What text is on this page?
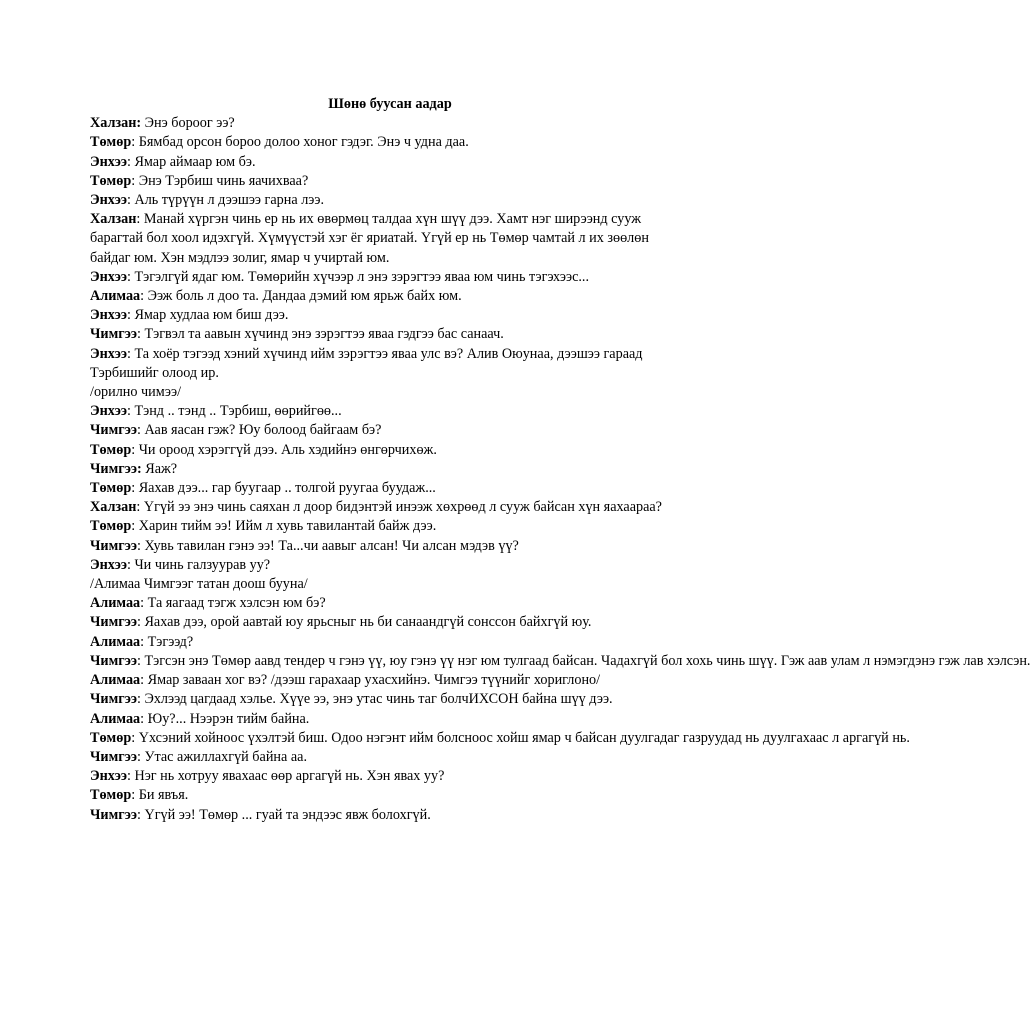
Шөнө буусан аадар

Халзан: Энэ бороог ээ?

Төмөр: Бямбад орсон бороо долоо хоног гэдэг. Энэ ч удна даа.

Энхээ: Ямар аймаар юм бэ.

Төмөр: Энэ Тэрбиш чинь яачихваа?

Энхээ: Аль түрүүн л дээшээ гарна лээ.

Халзан: Манай хүргэн чинь ер нь их өвөрмөц талдаа хүн шүү дээ. Хамт нэг ширээнд сууж барагтай бол хоол идэхгүй. Хүмүүстэй хэг ёг яриатай. Үгүй ер нь Төмөр чамтай л их зөөлөн байдаг юм. Хэн мэдлээ золиг, ямар ч учиртай юм.

Энхээ: Тэгэлгүй ядаг юм. Төмөрийн хүчээр л энэ зэрэгтээ яваа юм чинь тэгэхээс...

Алимаа: Ээж боль л доо та. Дандаа дэмий юм ярьж байх юм.

Энхээ: Ямар худлаа юм биш дээ.

Чимгээ: Тэгвэл та аавын хүчинд энэ зэрэгтээ яваа гэдгээ бас санаач.

Энхээ: Та хоёр тэгээд хэний хүчинд ийм зэрэгтээ яваа улс вэ? Алив Оюунаа, дээшээ гараад Тэрбишийг олоод ир.

/орилно чимээ/

Энхээ: Тэнд .. тэнд .. Тэрбиш, өөрийгөө...

Чимгээ: Аав яасан гэж? Юу болоод байгаам бэ?

Төмөр: Чи ороод хэрэггүй дээ. Аль хэдийнэ өнгөрчихөж.

Чимгээ: Яаж?

Төмөр: Яахав дээ... гар буугаар .. толгой руугаа буудаж...

Халзан: Үгүй ээ энэ чинь саяхан л доор бидэнтэй инээж хөхрөөд л сууж байсан хүн яахаараа?

Төмөр: Харин тийм ээ! Ийм л хувь тавилантай байж дээ.

Чимгээ: Хувь тавилан гэнэ ээ! Та...чи аавыг алсан! Чи алсан мэдэв үү?

Энхээ: Чи чинь галзуурав уу?

/Алимаа Чимгээг татан доош бууна/

Алимаа: Та яагаад тэгж хэлсэн юм бэ?

Чимгээ: Яахав дээ, орой аавтай юу ярьсныг нь би санаандгүй сонссон байхгүй юу.

Алимаа: Тэгээд?

Чимгээ: Тэгсэн энэ Төмөр аавд тендер ч гэнэ үү, юу гэнэ үү нэг юм тулгаад байсан. Чадахгүй бол хохь чинь шүү. Гэж аав улам л нэмэгдэнэ гэж лав хэлсэн.

Алимаа: Ямар заваан хог вэ? /дээш гарахаар ухасхийнэ. Чимгээ түүнийг хориглоно/

Чимгээ: Эхлээд цагдаад хэлье. Хүүе ээ, энэ утас чинь таг болчИХСОН байна шүү дээ.

Алимаа: Юу?... Нээрэн тийм байна.

Төмөр: Үхсэний хойноос үхэлтэй биш. Одоо нэгэнт ийм болсноос хойш ямар ч байсан дуулгадаг газруудад нь дуулгахаас л аргагүй нь.

Чимгээ: Утас ажиллахгүй байна аа.

Энхээ: Нэг нь хотруу явахаас өөр аргагүй нь. Хэн явах уу?

Төмөр: Би явъя.

Чимгээ: Үгүй ээ! Төмөр ... гуай та эндээс явж болохгүй.
